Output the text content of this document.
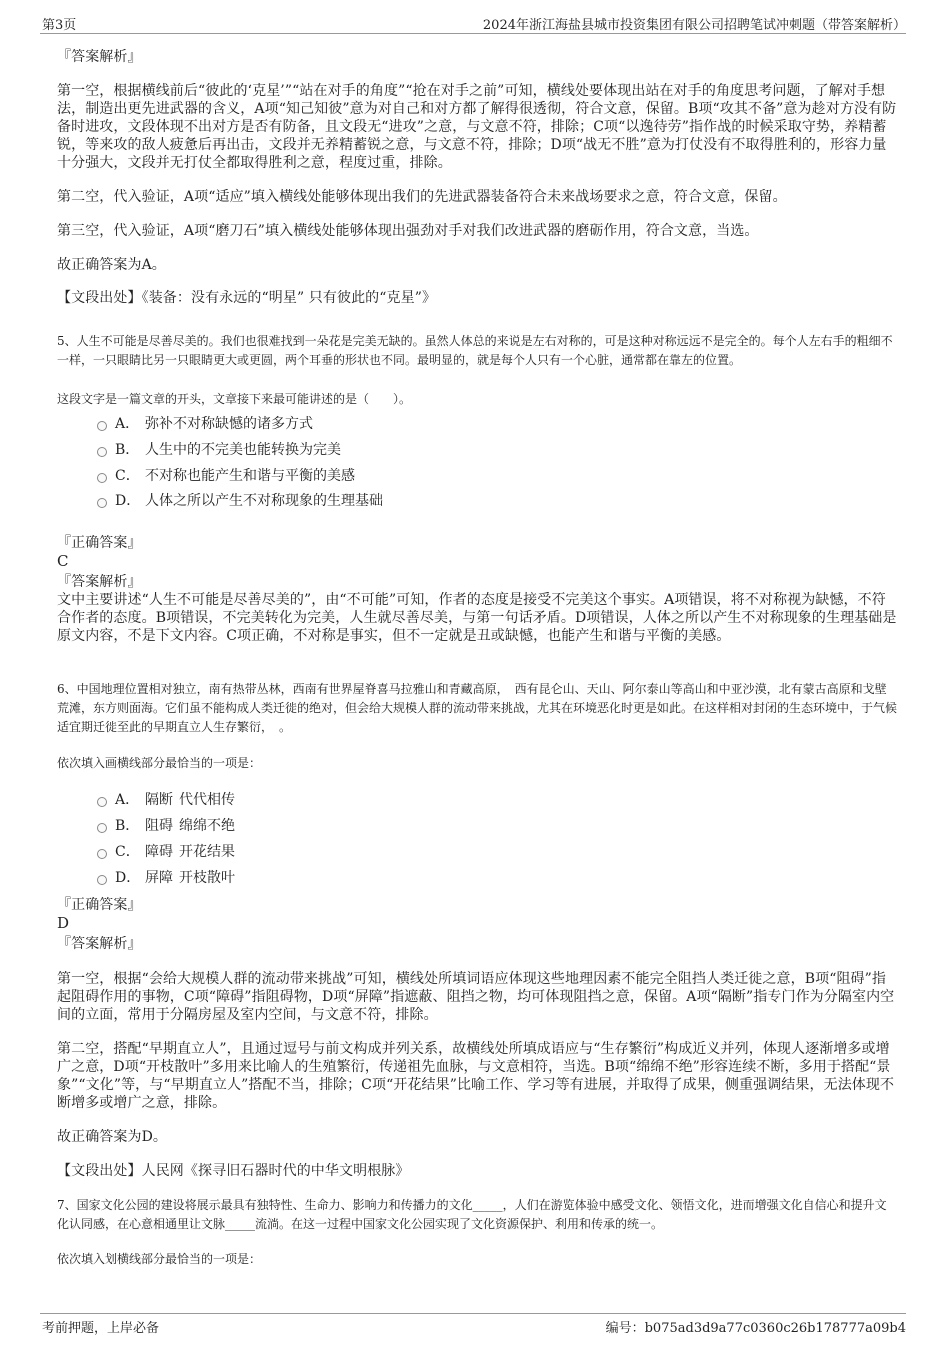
第3页	2024年浙江海盐县城市投资集团有限公司招聘笔试冲刺题（带答案解析）
『答案解析』
第一空，根据横线前后“彼此的‘克星’”“站在对手的角度”“抢在对手之前”可知，横线处要体现出站在对手的角度思考问题，了解对手想法，制造出更先进武器的含义，A项“知己知彼”意为对自己和对方都了解得很透彻，符合文意，保留。B项“攻其不备”意为趁对方没有防备时进攻，文段体现不出对方是否有防备，且文段无“进攻”之意，与文意不符，排除；C项“以逸待劳”指作战的时候采取守势，养精蓄锐，等来攻的敌人疲惫后再出击，文段并无养精蓄锐之意，与文意不符，排除；D项“战无不胜”意为打仗没有不取得胜利的，形容力量十分强大，文段并无打仗全都取得胜利之意，程度过重，排除。
第二空，代入验证，A项“适应”填入横线处能够体现出我们的先进武器装备符合未来战场要求之意，符合文意，保留。
第三空，代入验证，A项“磨刀石”填入横线处能够体现出强劲对手对我们改进武器的磨砺作用，符合文意，当选。
故正确答案为A。
【文段出处】《装备：没有永远的“明星” 只有彼此的“克星”》
5、人生不可能是尽善尽美的。我们也很难找到一朵花是完美无缺的。虽然人体总的来说是左右对称的，可是这种对称远远不是完全的。每个人左右手的粗细不一样，一只眼睛比另一只眼睛更大或更圆，两个耳垂的形状也不同。最明显的，就是每个人只有一个心脏，通常都在靠左的位置。
这段文字是一篇文章的开头，文章接下来最可能讲述的是（　　）。
A． 弥补不对称缺憾的诸多方式
B． 人生中的不完美也能转换为完美
C． 不对称也能产生和谐与平衡的美感
D． 人体之所以产生不对称现象的生理基础
『正确答案』
C
『答案解析』
文中主要讲述“人生不可能是尽善尽美的”，由“不可能”可知，作者的态度是接受不完美这个事实。A项错误，将不对称视为缺憾，不符合作者的态度。B项错误，不完美转化为完美，人生就尽善尽美，与第一句话矛盾。D项错误，人体之所以产生不对称现象的生理基础是原文内容，不是下文内容。C项正确，不对称是事实，但不一定就是丑或缺憾，也能产生和谐与平衡的美感。
6、中国地理位置相对独立，南有热带丛林，西南有世界屋脊喜马拉雅山和青藏高原，　西有昆仑山、天山、阿尔泰山等高山和中亚沙漠，北有蒙古高原和戈壁荒滩，东方则面海。它们虽不能构成人类迁徙的绝对，但会给大规模人群的流动带来挑战，尤其在环境恶化时更是如此。在这样相对封闭的生态环境中，于气候适宜期迁徙至此的早期直立人生存繁衍，　。
依次填入画横线部分最恰当的一项是：
A． 隔断 代代相传
B． 阻碍 绵绵不绝
C． 障碍 开花结果
D． 屏障 开枝散叶
『正确答案』
D
『答案解析』
第一空，根据“会给大规模人群的流动带来挑战”可知，横线处所填词语应体现这些地理因素不能完全阻挡人类迁徙之意，B项“阻碍”指起阻碍作用的事物，C项“障碍”指阻碍物，D项“屏障”指遮蔽、阻挡之物，均可体现阻挡之意，保留。A项“隔断”指专门作为分隔室内空间的立面，常用于分隔房屋及室内空间，与文意不符，排除。
第二空，搭配“早期直立人”，且通过逗号与前文构成并列关系，故横线处所填成语应与“生存繁衍”构成近义并列，体现人逐渐增多或增广之意，D项“开枝散叶”多用来比喻人的生殖繁衍，传递祖先血脉，与文意相符，当选。B项“绵绵不绝”形容连续不断，多用于搭配“景象”“文化”等，与“早期直立人”搭配不当，排除；C项“开花结果”比喻工作、学习等有进展，并取得了成果，侧重强调结果，无法体现不断增多或增广之意，排除。
故正确答案为D。
【文段出处】人民网《探寻旧石器时代的中华文明根脉》
7、国家文化公园的建设将展示最具有独特性、生命力、影响力和传播力的文化_____，人们在游览体验中感受文化、领悟文化，进而增强文化自信心和提升文化认同感，在心意相通里让文脉_____流淌。在这一过程中国家文化公园实现了文化资源保护、利用和传承的统一。
依次填入划横线部分最恰当的一项是：
考前押题，上岸必备	编号：b075ad3d9a77c0360c26b178777a09b4
